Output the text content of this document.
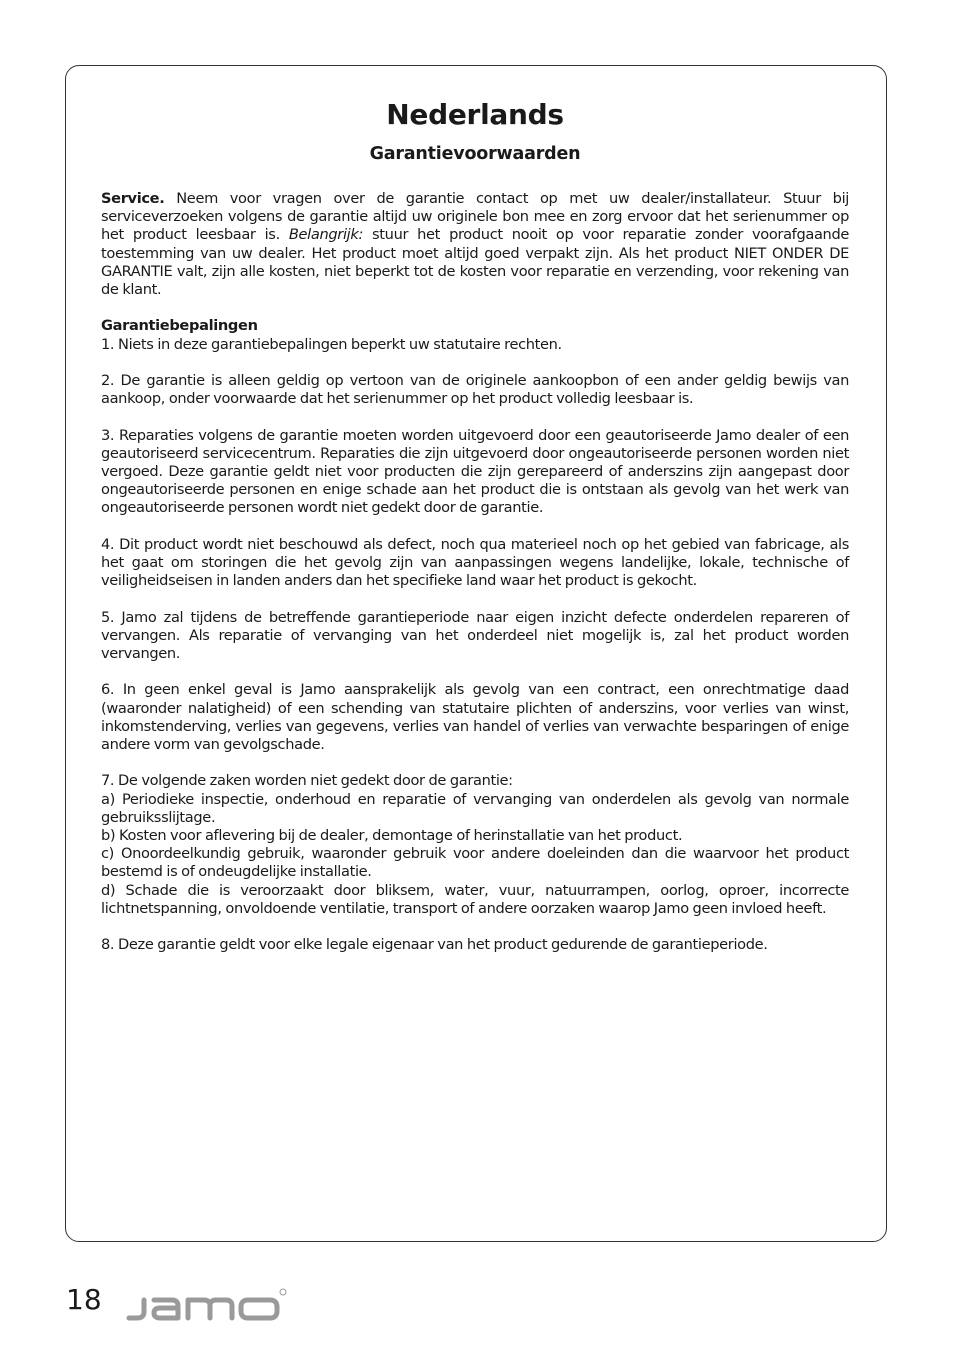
Nederlands
Garantievoorwaarden

Service. Neem voor vragen over de garantie contact op met uw dealer/installateur. Stuur bij serviceverzoeken volgens de garantie altijd uw originele bon mee en zorg ervoor dat het serienummer op het product leesbaar is. Belangrijk: stuur het product nooit op voor reparatie zonder voorafgaande toestemming van uw dealer. Het product moet altijd goed verpakt zijn. Als het product NIET ONDER DE GARANTIE valt, zijn alle kosten, niet beperkt tot de kosten voor reparatie en verzending, voor rekening van de klant.

Garantiebepalingen

1. Niets in deze garantiebepalingen beperkt uw statutaire rechten.

2. De garantie is alleen geldig op vertoon van de originele aankoopbon of een ander geldig bewijs van aankoop, onder voorwaarde dat het serienummer op het product volledig leesbaar is.

3. Reparaties volgens de garantie moeten worden uitgevoerd door een geautoriseerde Jamo dealer of een geautoriseerd servicecentrum. Reparaties die zijn uitgevoerd door ongeautoriseerde personen worden niet vergoed. Deze garantie geldt niet voor producten die zijn gerepareerd of anderszins zijn aangepast door ongeautoriseerde personen en enige schade aan het product die is ontstaan als gevolg van het werk van ongeautoriseerde personen wordt niet gedekt door de garantie.

4. Dit product wordt niet beschouwd als defect, noch qua materieel noch op het gebied van fabricage, als het gaat om storingen die het gevolg zijn van aanpassingen wegens landelijke, lokale, technische of veiligheidseisen in landen anders dan het specifieke land waar het product is gekocht.

5. Jamo zal tijdens de betreffende garantieperiode naar eigen inzicht defecte onderdelen repareren of vervangen. Als reparatie of vervanging van het onderdeel niet mogelijk is, zal het product worden vervangen.

6. In geen enkel geval is Jamo aansprakelijk als gevolg van een contract, een onrechtmatige daad (waaronder nalatigheid) of een schending van statutaire plichten of anderszins, voor verlies van winst, inkomstenderving, verlies van gegevens, verlies van handel of verlies van verwachte besparingen of enige andere vorm van gevolgschade.

7. De volgende zaken worden niet gedekt door de garantie:

a) Periodieke inspectie, onderhoud en reparatie of vervanging van onderdelen als gevolg van normale gebruiksslijtage.

b) Kosten voor aflevering bij de dealer, demontage of herinstallatie van het product.

c) Onoordeelkundig gebruik, waaronder gebruik voor andere doeleinden dan die waarvoor het product bestemd is of ondeugdelijke installatie.

d) Schade die is veroorzaakt door bliksem, water, vuur, natuurrampen, oorlog, oproer, incorrecte lichtnetspanning, onvoldoende ventilatie, transport of andere oorzaken waarop Jamo geen invloed heeft.

8. Deze garantie geldt voor elke legale eigenaar van het product gedurende de garantieperiode.

18
